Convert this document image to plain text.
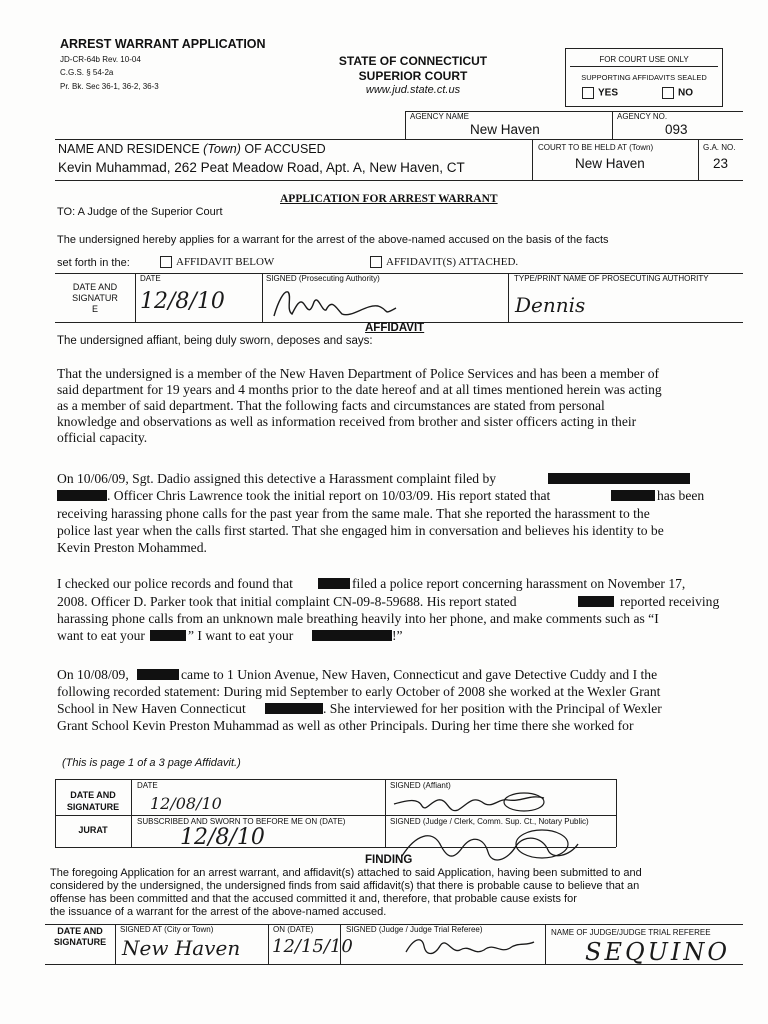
ARREST WARRANT APPLICATION
JD-CR-64b Rev. 10-04
C.G.S. § 54-2a
Pr. Bk. Sec 36-1, 36-2, 36-3
STATE OF CONNECTICUT
SUPERIOR COURT
www.jud.state.ct.us
FOR COURT USE ONLY
SUPPORTING AFFIDAVITS SEALED
YES	NO
AGENCY NAME
New Haven
AGENCY NO.
093
NAME AND RESIDENCE (Town) OF ACCUSED
Kevin Muhammad, 262 Peat Meadow Road, Apt. A, New Haven, CT
COURT TO BE HELD AT (Town)
New Haven
G.A. NO.
23
APPLICATION FOR ARREST WARRANT
TO: A Judge of the Superior Court
The undersigned hereby applies for a warrant for the arrest of the above-named accused on the basis of the facts
set forth in the:	AFFIDAVIT BELOW	AFFIDAVIT(S) ATTACHED.
DATE AND
SIGNATUR
E
DATE
12/8/10
SIGNED (Prosecuting Authority)	TYPE/PRINT NAME OF PROSECUTING AUTHORITY
Dennis
AFFIDAVIT
The undersigned affiant, being duly sworn, deposes and says:
That the undersigned is a member of the New Haven Department of Police Services and has been a member of
said department for 19 years and 4 months prior to the date hereof and at all times mentioned herein was acting
as a member of said department. That the following facts and circumstances are stated from personal
knowledge and observations as well as information received from brother and sister officers acting in their
official capacity.
On 10/06/09, Sgt. Dadio assigned this detective a Harassment complaint filed by
. Officer Chris Lawrence took the initial report on 10/03/09. His report stated that	has been
receiving harassing phone calls for the past year from the same male. That she reported the harassment to the
police last year when the calls first started. That she engaged him in conversation and believes his identity to be
Kevin Preston Mohammed.
I checked our police records and found that	filed a police report concerning harassment on November 17,
2008. Officer D. Parker took that initial complaint CN-09-8-59688. His report stated	reported receiving
harassing phone calls from an unknown male breathing heavily into her phone, and make comments such as “I
want to eat your	” I want to eat your	!”
On 10/08/09,	came to 1 Union Avenue, New Haven, Connecticut and gave Detective Cuddy and I the
following recorded statement: During mid September to early October of 2008 she worked at the Wexler Grant
School in New Haven Connecticut	. She interviewed for her position with the Principal of Wexler
Grant School Kevin Preston Muhammad as well as other Principals. During her time there she worked for
(This is page 1 of a 3 page Affidavit.)
DATE AND
SIGNATURE
DATE
12/08/10
SIGNED (Affiant)
JURAT
SUBSCRIBED AND SWORN TO BEFORE ME ON (DATE)
12/8/10
SIGNED (Judge / Clerk, Comm. Sup. Ct., Notary Public)
FINDING
The foregoing Application for an arrest warrant, and affidavit(s) attached to said Application, having been submitted to and
considered by the undersigned, the undersigned finds from said affidavit(s) that there is probable cause to believe that an
offense has been committed and that the accused committed it and, therefore, that probable cause exists for
the issuance of a warrant for the arrest of the above-named accused.
DATE AND
SIGNATURE
SIGNED AT (City or Town)
New Haven
ON (DATE)
12/15/10
SIGNED (Judge / Judge Trial Referee)	NAME OF JUDGE/JUDGE TRIAL REFEREE
SEQUINO
